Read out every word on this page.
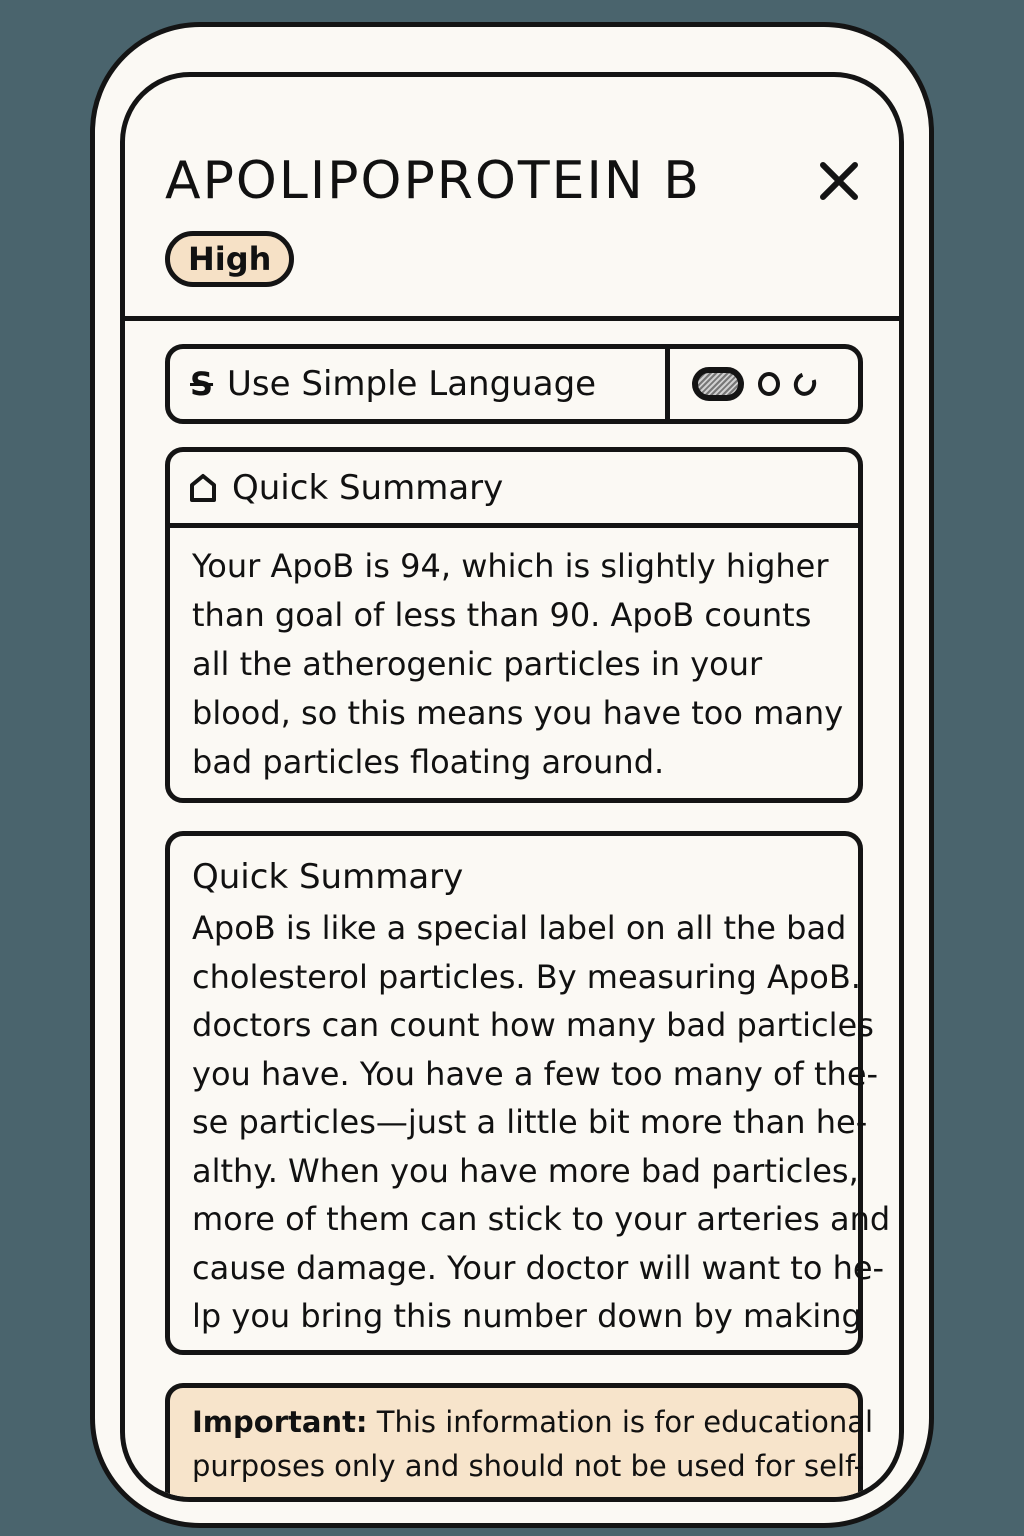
APOLIPOPROTEIN B
High
S Use Simple Language
Quick Summary
Your ApoB is 94, which is slightly higher
than goal of less than 90. ApoB counts
all the atherogenic particles in your
blood, so this means you have too many
bad particles floating around.
Quick Summary
ApoB is like a special label on all the bad
cholesterol particles. By measuring ApoB.
doctors can count how many bad particles
you have. You have a few too many of the-
se particles—just a little bit more than he-
althy. When you have more bad particles,
more of them can stick to your arteries and
cause damage. Your doctor will want to he-
lp you bring this number down by making
Important: This information is for educational
purposes only and should not be used for self-
